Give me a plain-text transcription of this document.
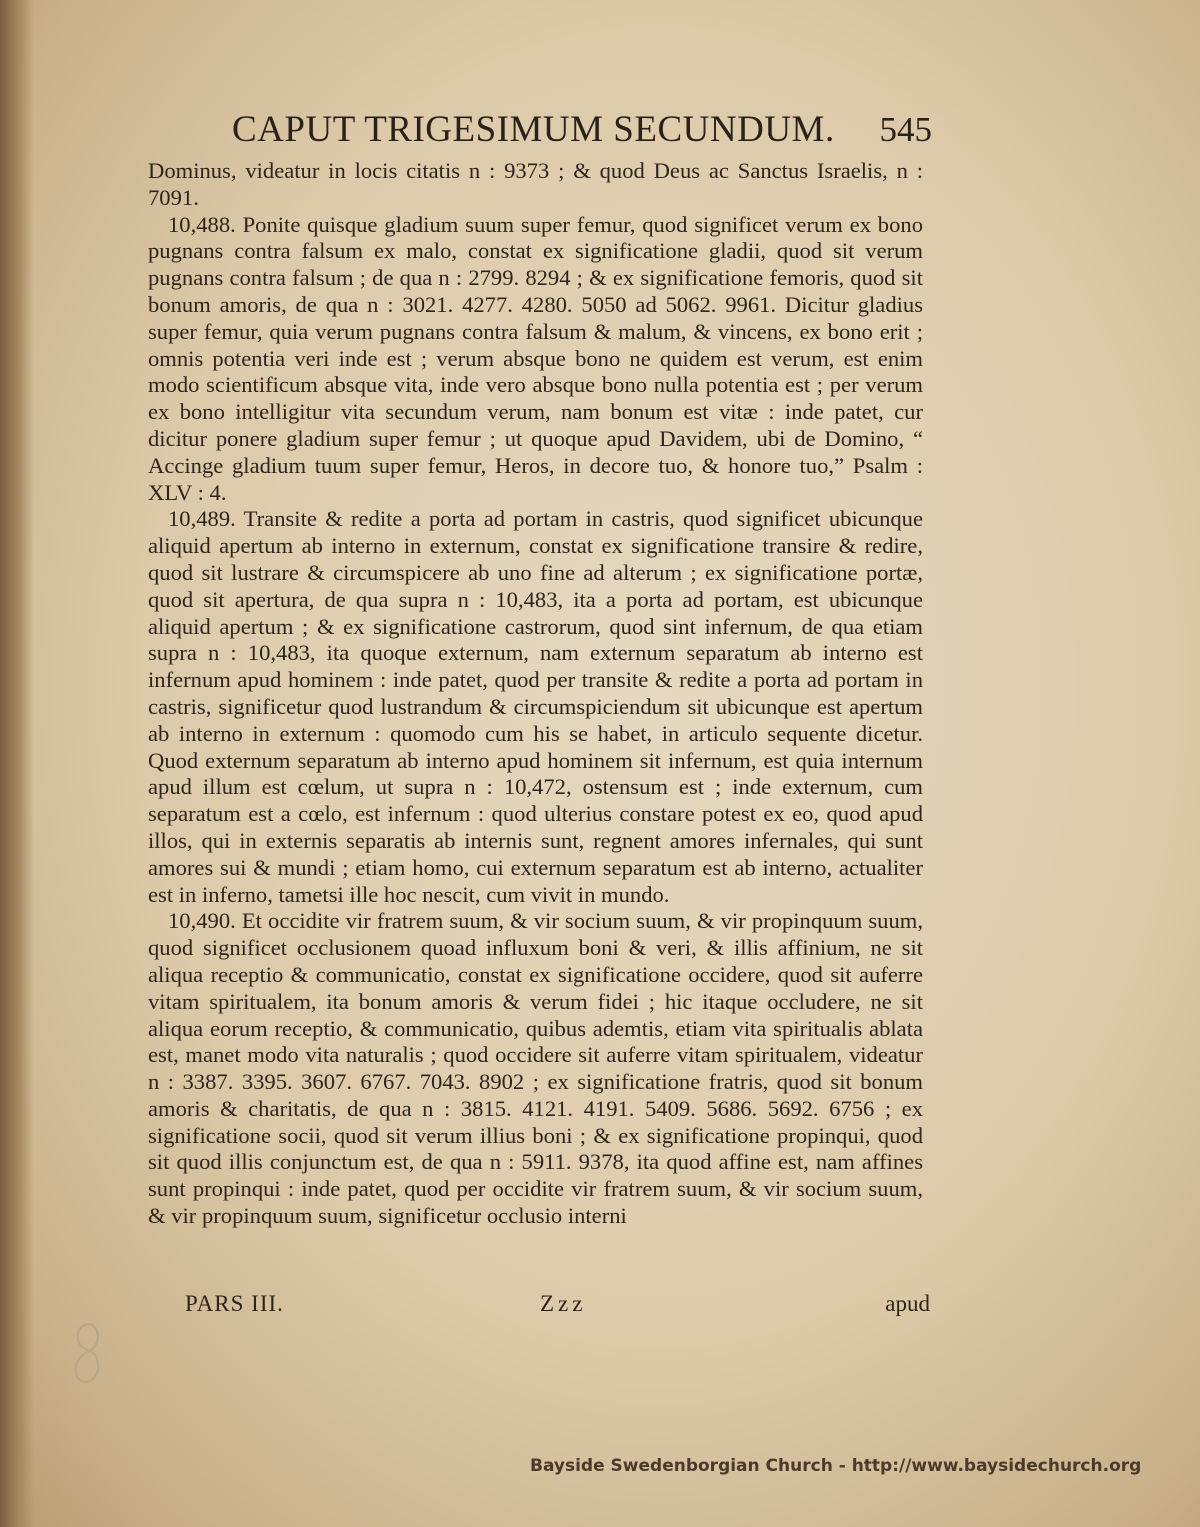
CAPUT TRIGESIMUM SECUNDUM. 545

Dominus, videatur in locis citatis n : 9373 ; & quod Deus ac Sanctus Israelis, n : 7091.

10,488. Ponite quisque gladium suum super femur, quod significet verum ex bono pugnans contra falsum ex malo, constat ex significatione gladii, quod sit verum pugnans contra falsum ; de qua n : 2799. 8294 ; & ex significatione femoris, quod sit bonum amoris, de qua n : 3021. 4277. 4280. 5050 ad 5062. 9961. Dicitur gladius super femur, quia verum pugnans contra falsum & malum, & vincens, ex bono erit ; omnis potentia veri inde est ; verum absque bono ne quidem est verum, est enim modo scientificum absque vita, inde vero absque bono nulla potentia est ; per verum ex bono intelligitur vita secundum verum, nam bonum est vitæ : inde patet, cur dicitur ponere gladium super femur ; ut quoque apud Davidem, ubi de Domino, “ Accinge gladium tuum super femur, Heros, in decore tuo, & honore tuo,” Psalm : XLV : 4.

10,489. Transite & redite a porta ad portam in castris, quod significet ubicunque aliquid apertum ab interno in externum, constat ex significatione transire & redire, quod sit lustrare & circumspicere ab uno fine ad alterum ; ex significatione portæ, quod sit apertura, de qua supra n : 10,483, ita a porta ad portam, est ubicunque aliquid apertum ; & ex significatione castrorum, quod sint infernum, de qua etiam supra n : 10,483, ita quoque externum, nam externum separatum ab interno est infernum apud hominem : inde patet, quod per transite & redite a porta ad portam in castris, significetur quod lustrandum & circumspiciendum sit ubicunque est apertum ab interno in externum : quomodo cum his se habet, in articulo sequente dicetur. Quod externum separatum ab interno apud hominem sit infernum, est quia internum apud illum est cœlum, ut supra n : 10,472, ostensum est ; inde externum, cum separatum est a cœlo, est infernum : quod ulterius constare potest ex eo, quod apud illos, qui in externis separatis ab internis sunt, regnent amores infernales, qui sunt amores sui & mundi ; etiam homo, cui externum separatum est ab interno, actualiter est in inferno, tametsi ille hoc nescit, cum vivit in mundo.

10,490. Et occidite vir fratrem suum, & vir socium suum, & vir propinquum suum, quod significet occlusionem quoad influxum boni & veri, & illis affinium, ne sit aliqua receptio & communicatio, constat ex significatione occidere, quod sit auferre vitam spiritualem, ita bonum amoris & verum fidei ; hic itaque occludere, ne sit aliqua eorum receptio, & communicatio, quibus ademtis, etiam vita spiritualis ablata est, manet modo vita naturalis ; quod occidere sit auferre vitam spiritualem, videatur n : 3387. 3395. 3607. 6767. 7043. 8902 ; ex significatione fratris, quod sit bonum amoris & charitatis, de qua n : 3815. 4121. 4191. 5409. 5686. 5692. 6756 ; ex significatione socii, quod sit verum illius boni ; & ex significatione propinqui, quod sit quod illis conjunctum est, de qua n : 5911. 9378, ita quod affine est, nam affines sunt propinqui : inde patet, quod per occidite vir fratrem suum, & vir socium suum, & vir propinquum suum, significetur occlusio interni

PARS III.	Zzz	apud
Bayside Swedenborgian Church - http://www.baysidechurch.org
